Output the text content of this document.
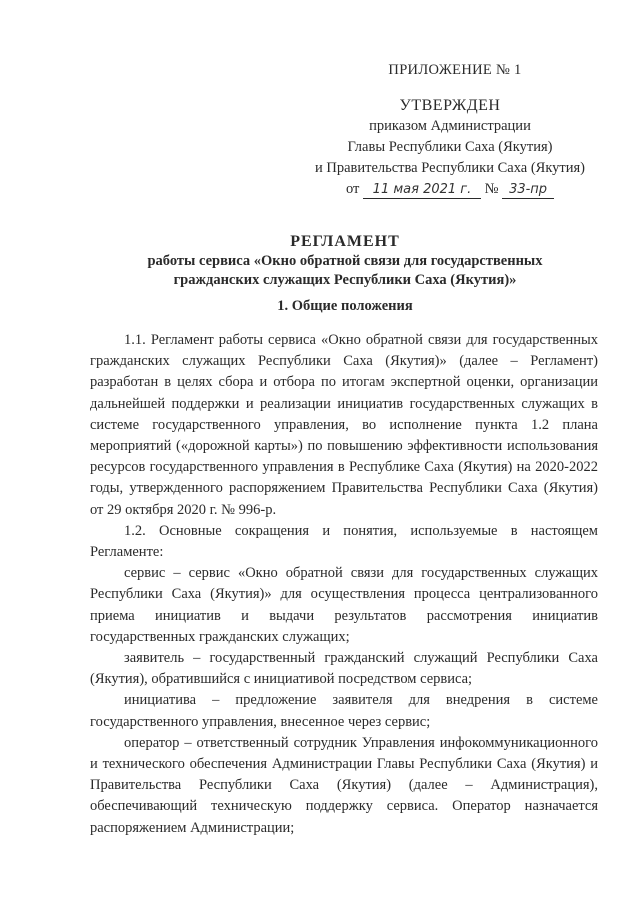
ПРИЛОЖЕНИЕ № 1
УТВЕРЖДЕН
приказом Администрации
Главы Республики Саха (Якутия)
и Правительства Республики Саха (Якутия)
от 11 мая 2021 г. № 33-пр
РЕГЛАМЕНТ
работы сервиса «Окно обратной связи для государственных
гражданских служащих Республики Саха (Якутия)»
1. Общие положения

1.1. Регламент работы сервиса «Окно обратной связи для государственных гражданских служащих Республики Саха (Якутия)» (далее – Регламент) разработан в целях сбора и отбора по итогам экспертной оценки, организации дальнейшей поддержки и реализации инициатив государственных служащих в системе государственного управления, во исполнение пункта 1.2 плана мероприятий («дорожной карты») по повышению эффективности использования ресурсов государственного управления в Республике Саха (Якутия) на 2020-2022 годы, утвержденного распоряжением Правительства Республики Саха (Якутия) от 29 октября 2020 г. № 996-р.

1.2. Основные сокращения и понятия, используемые в настоящем Регламенте:

сервис – сервис «Окно обратной связи для государственных служащих Республики Саха (Якутия)» для осуществления процесса централизованного приема инициатив и выдачи результатов рассмотрения инициатив государственных гражданских служащих;

заявитель – государственный гражданский служащий Республики Саха (Якутия), обратившийся с инициативой посредством сервиса;

инициатива – предложение заявителя для внедрения в системе государственного управления, внесенное через сервис;

оператор – ответственный сотрудник Управления инфокоммуникационного и технического обеспечения Администрации Главы Республики Саха (Якутия) и Правительства Республики Саха (Якутия) (далее – Администрация), обеспечивающий техническую поддержку сервиса. Оператор назначается распоряжением Администрации;
